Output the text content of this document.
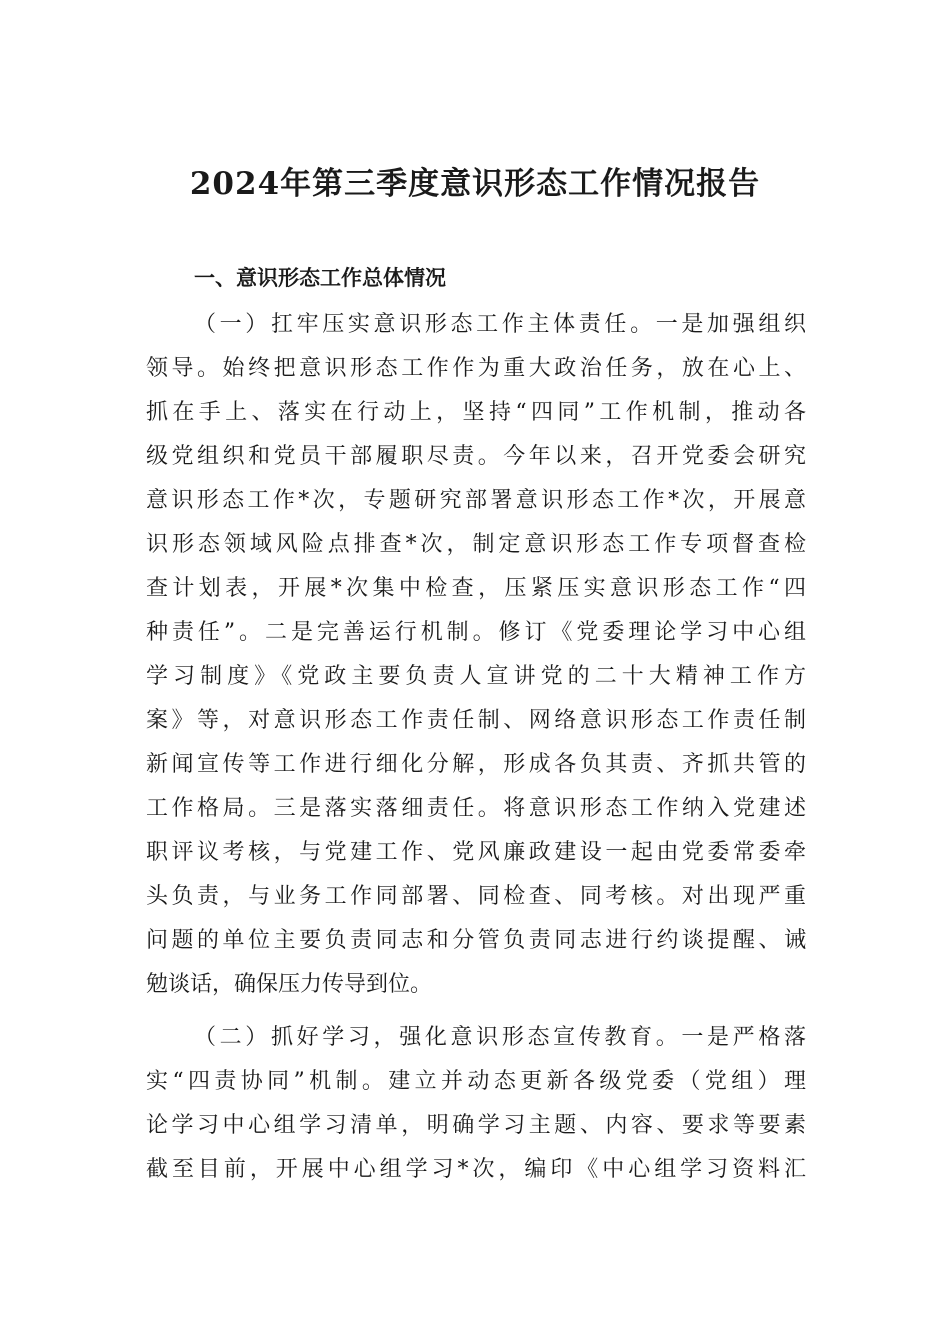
2024年第三季度意识形态工作情况报告
一、意识形态工作总体情况
（一）扛牢压实意识形态工作主体责任。一是加强组织
领导。始终把意识形态工作作为重大政治任务，放在心上、
抓在手上、落实在行动上，坚持“四同”工作机制，推动各
级党组织和党员干部履职尽责。今年以来，召开党委会研究
意识形态工作*次，专题研究部署意识形态工作*次，开展意
识形态领域风险点排查*次，制定意识形态工作专项督查检
查计划表，开展*次集中检查，压紧压实意识形态工作“四
种责任”。二是完善运行机制。修订《党委理论学习中心组
学习制度》《党政主要负责人宣讲党的二十大精神工作方
案》等，对意识形态工作责任制、网络意识形态工作责任制
新闻宣传等工作进行细化分解，形成各负其责、齐抓共管的
工作格局。三是落实落细责任。将意识形态工作纳入党建述
职评议考核，与党建工作、党风廉政建设一起由党委常委牵
头负责，与业务工作同部署、同检查、同考核。对出现严重
问题的单位主要负责同志和分管负责同志进行约谈提醒、诫
勉谈话，确保压力传导到位。
（二）抓好学习，强化意识形态宣传教育。一是严格落
实“四责协同”机制。建立并动态更新各级党委（党组）理
论学习中心组学习清单，明确学习主题、内容、要求等要素
截至目前，开展中心组学习*次，编印《中心组学习资料汇
